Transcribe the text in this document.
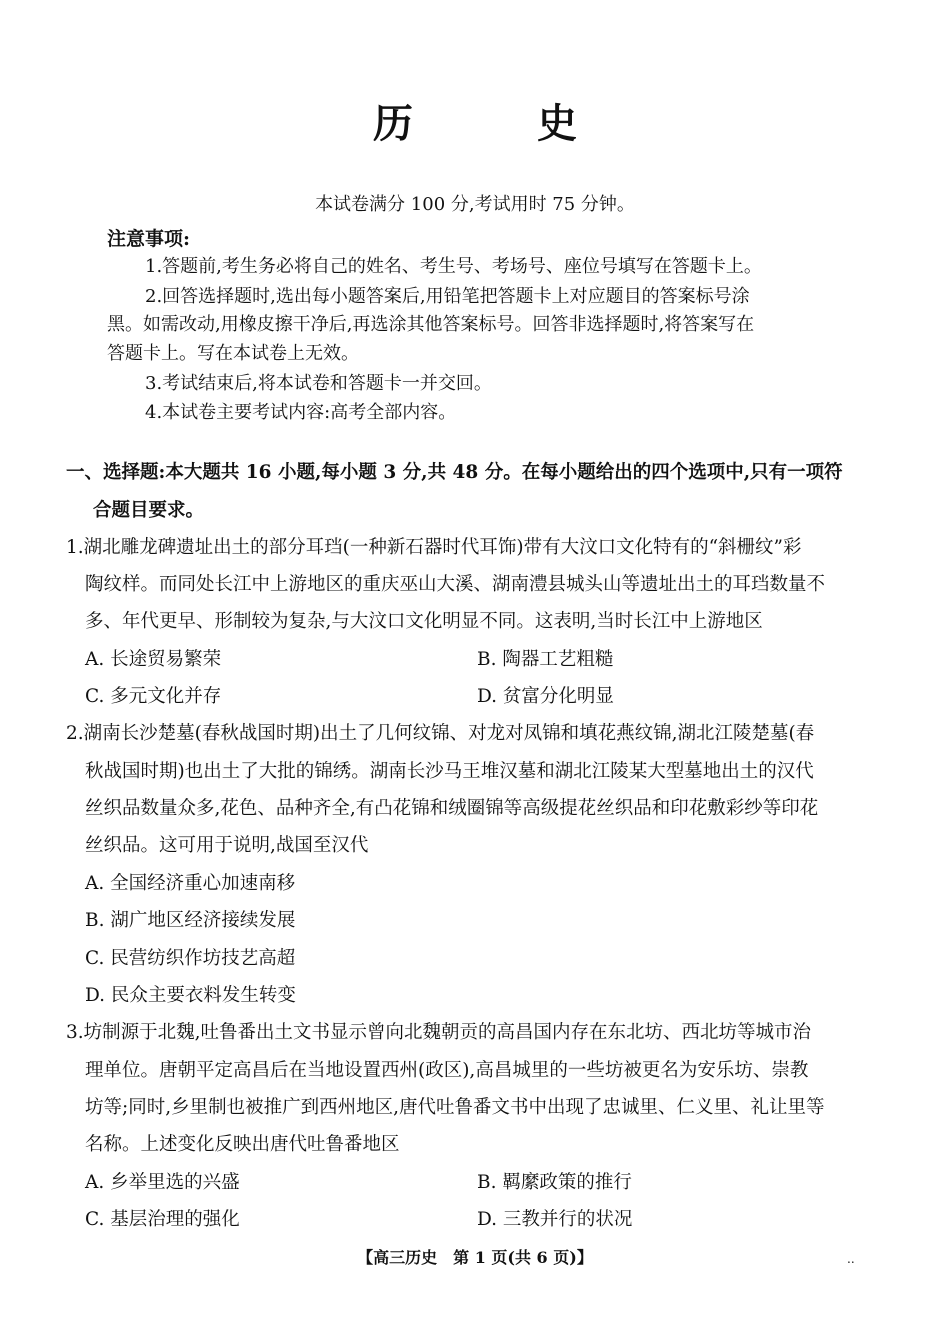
历	史
本试卷满分 100 分,考试用时 75 分钟。
注意事项:
1.答题前,考生务必将自己的姓名、考生号、考场号、座位号填写在答题卡上。
2.回答选择题时,选出每小题答案后,用铅笔把答题卡上对应题目的答案标号涂
黑。如需改动,用橡皮擦干净后,再选涂其他答案标号。回答非选择题时,将答案写在
答题卡上。写在本试卷上无效。
3.考试结束后,将本试卷和答题卡一并交回。
4.本试卷主要考试内容:高考全部内容。
一、选择题:本大题共 16 小题,每小题 3 分,共 48 分。在每小题给出的四个选项中,只有一项符
合题目要求。
1.湖北雕龙碑遗址出土的部分耳珰(一种新石器时代耳饰)带有大汶口文化特有的“斜栅纹”彩
陶纹样。而同处长江中上游地区的重庆巫山大溪、湖南澧县城头山等遗址出土的耳珰数量不
多、年代更早、形制较为复杂,与大汶口文化明显不同。这表明,当时长江中上游地区
A. 长途贸易繁荣	B. 陶器工艺粗糙
C. 多元文化并存	D. 贫富分化明显
2.湖南长沙楚墓(春秋战国时期)出土了几何纹锦、对龙对凤锦和填花燕纹锦,湖北江陵楚墓(春
秋战国时期)也出土了大批的锦绣。湖南长沙马王堆汉墓和湖北江陵某大型墓地出土的汉代
丝织品数量众多,花色、品种齐全,有凸花锦和绒圈锦等高级提花丝织品和印花敷彩纱等印花
丝织品。这可用于说明,战国至汉代
A. 全国经济重心加速南移
B. 湖广地区经济接续发展
C. 民营纺织作坊技艺高超
D. 民众主要衣料发生转变
3.坊制源于北魏,吐鲁番出土文书显示曾向北魏朝贡的高昌国内存在东北坊、西北坊等城市治
理单位。唐朝平定高昌后在当地设置西州(政区),高昌城里的一些坊被更名为安乐坊、崇教
坊等;同时,乡里制也被推广到西州地区,唐代吐鲁番文书中出现了忠诚里、仁义里、礼让里等
名称。上述变化反映出唐代吐鲁番地区
A. 乡举里选的兴盛	B. 羁縻政策的推行
C. 基层治理的强化	D. 三教并行的状况
【高三历史　第 1 页(共 6 页)】	..
